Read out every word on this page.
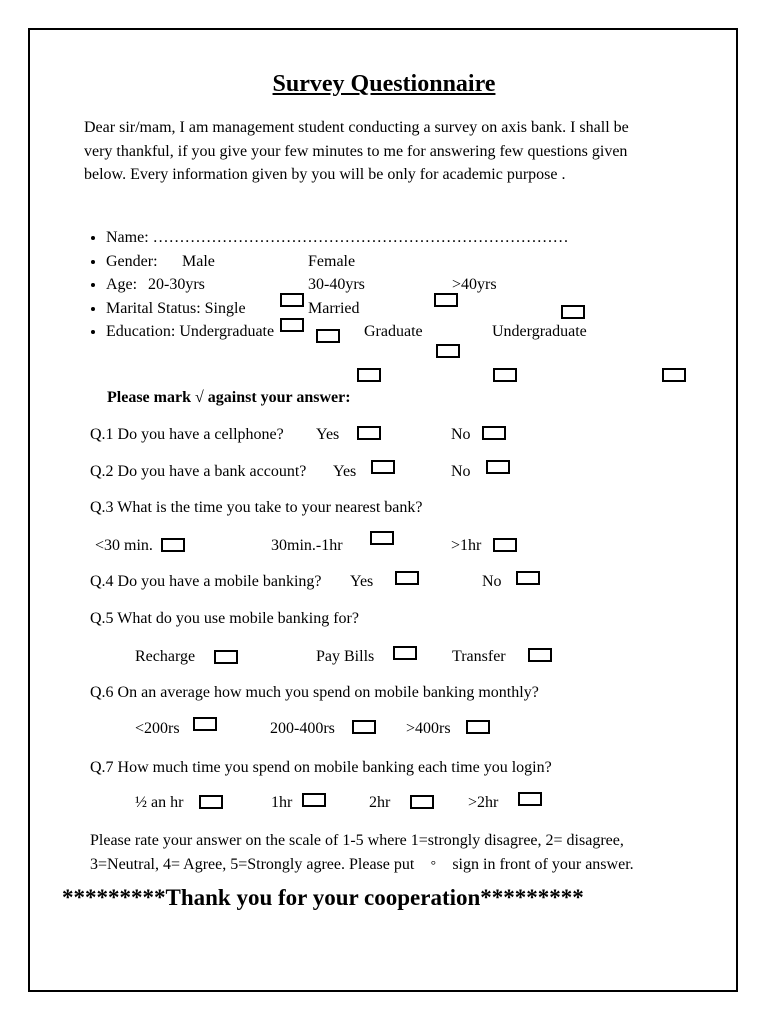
Survey Questionnaire
Dear sir/mam, I am management student conducting a survey on axis bank. I shall be very thankful, if you give your few minutes to me for answering few questions given below. Every information given by you will be only for academic purpose .
• Name: ……………………………………………………………………
• Gender: Male	Female
• Age: 20-30yrs	30-40yrs	>40yrs
• Marital Status: Single	Married
• Education: Undergraduate	Graduate	Undergraduate
Please mark √ against your answer:
Q.1 Do you have a cellphone? Yes	No
Q.2 Do you have a bank account? Yes	No
Q.3 What is the time you take to your nearest bank?
<30 min.	30min.-1hr	>1hr
Q.4 Do you have a mobile banking? Yes	No
Q.5 What do you use mobile banking for?
Recharge	Pay Bills	Transfer
Q.6 On an average how much you spend on mobile banking monthly?
<200rs	200-400rs	>400rs
Q.7 How much time you spend on mobile banking each time you login?
½ an hr	1hr	2hr	>2hr
Please rate your answer on the scale of 1-5 where 1=strongly disagree, 2= disagree,
3=Neutral, 4= Agree, 5=Strongly agree. Please put ° sign in front of your answer.
*********Thank you for your cooperation*********
